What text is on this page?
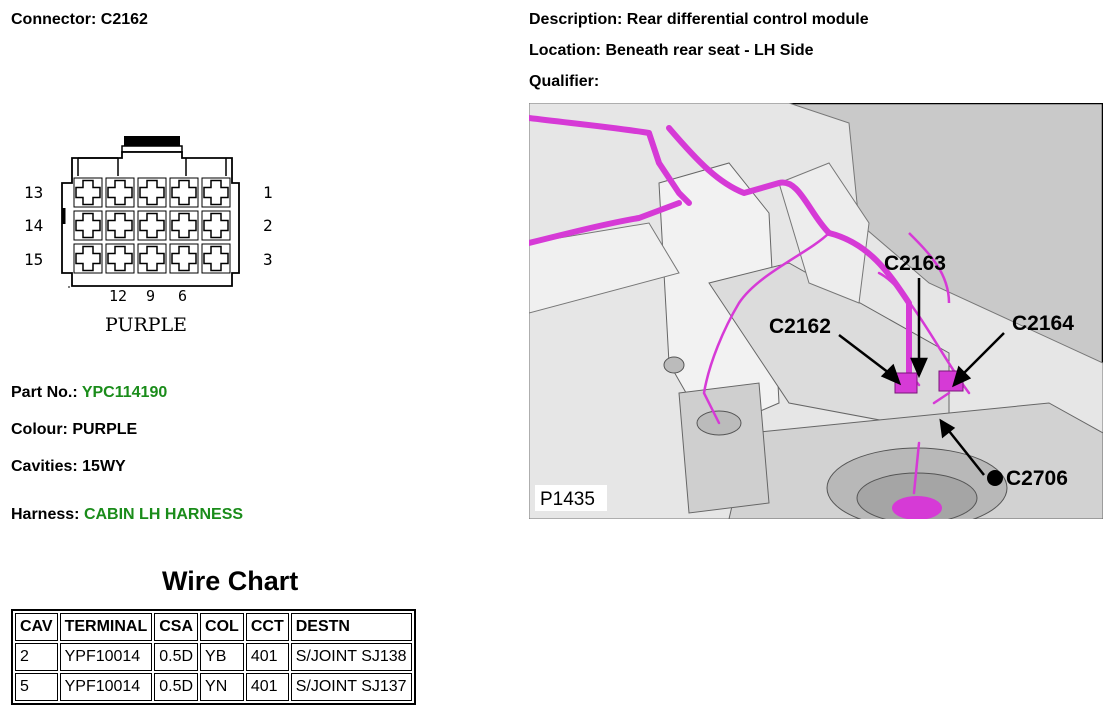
Connector: C2162
13
14
15
1
2
3
12 9 6
PURPLE
Part No.: YPC114190
Colour: PURPLE
Cavities: 15WY
Harness: CABIN LH HARNESS
Description: Rear differential control module
Location: Beneath rear seat - LH Side
Qualifier:
C2163
C2162	C2164
C2706
P1435
Wire Chart
CAV	TERMINAL	CSA	COL	CCT	DESTN
2	YPF10014	0.5D	YB	401	S/JOINT SJ138
5	YPF10014	0.5D	YN	401	S/JOINT SJ137
